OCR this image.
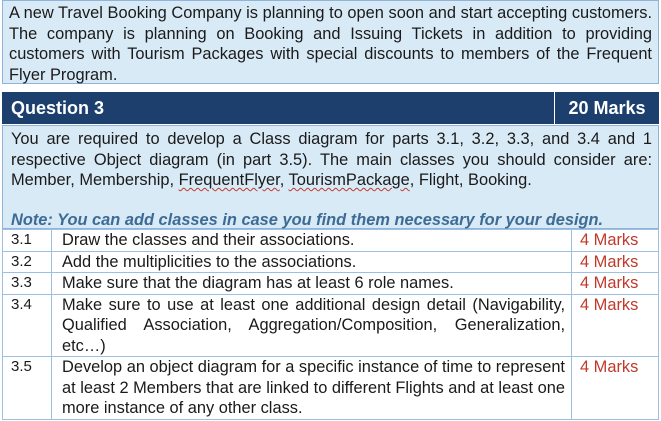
A new Travel Booking Company is planning to open soon and start accepting customers. The company is planning on Booking and Issuing Tickets in addition to providing customers with Tourism Packages with special discounts to members of the Frequent Flyer Program.
Question 3	20 Marks
You are required to develop a Class diagram for parts 3.1, 3.2, 3.3, and 3.4 and 1 respective Object diagram (in part 3.5). The main classes you should consider are: Member, Membership, FrequentFlyer, TourismPackage, Flight, Booking.
Note: You can add classes in case you find them necessary for your design.
3.1	Draw the classes and their associations.	4 Marks
3.2	Add the multiplicities to the associations.	4 Marks
3.3	Make sure that the diagram has at least 6 role names.	4 Marks
3.4	Make sure to use at least one additional design detail (Navigability, Qualified Association, Aggregation/Composition, Generalization, etc…)	4 Marks
3.5	Develop an object diagram for a specific instance of time to represent at least 2 Members that are linked to different Flights and at least one more instance of any other class.	4 Marks
